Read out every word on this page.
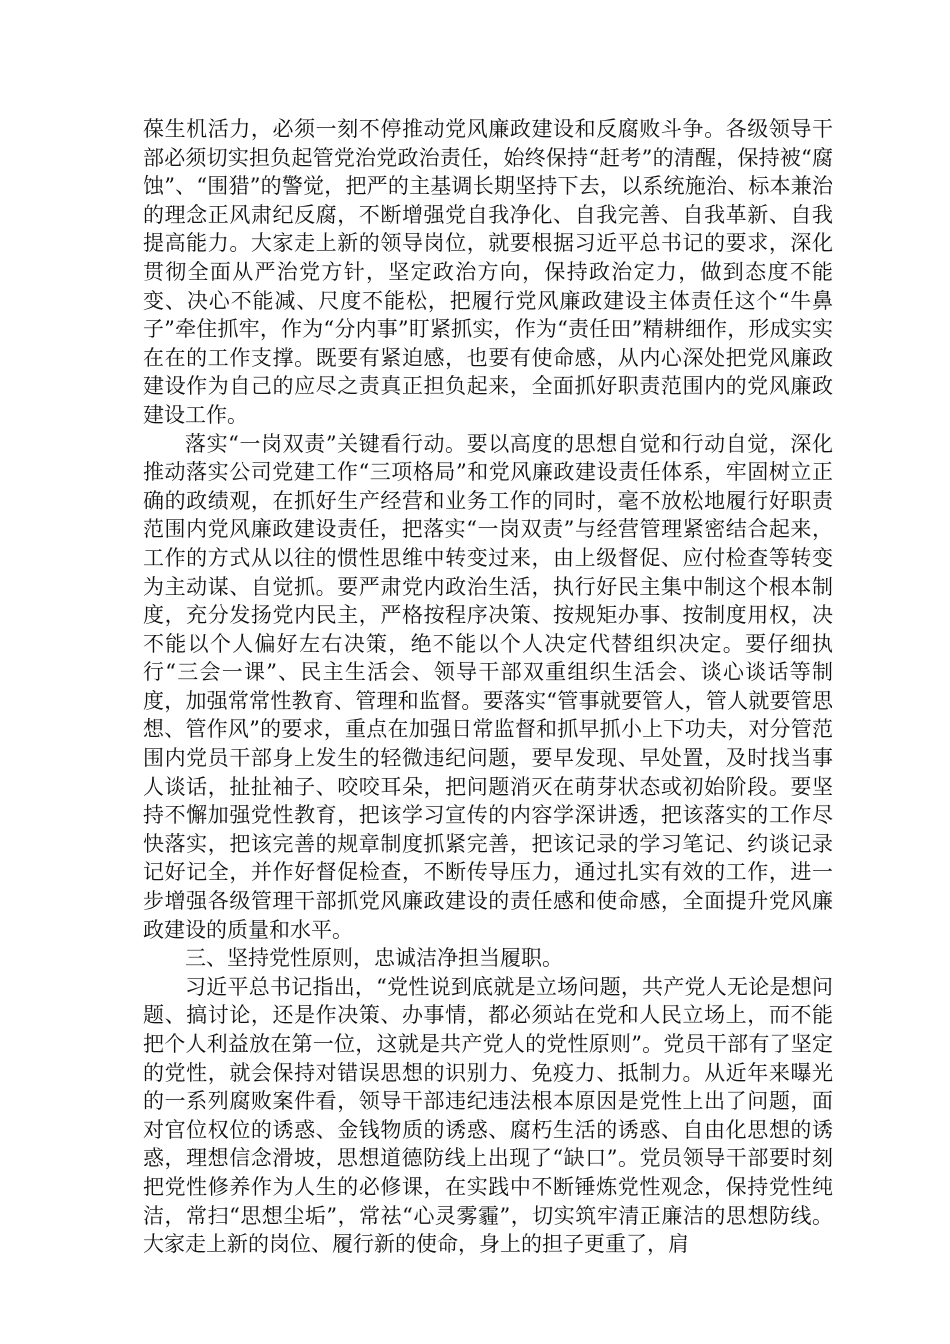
葆生机活力，必须一刻不停推动党风廉政建设和反腐败斗争。各级领导干部必须切实担负起管党治党政治责任，始终保持“赶考”的清醒，保持被“腐蚀”、“围猎”的警觉，把严的主基调长期坚持下去，以系统施治、标本兼治的理念正风肃纪反腐，不断增强党自我净化、自我完善、自我革新、自我提高能力。大家走上新的领导岗位，就要根据习近平总书记的要求，深化贯彻全面从严治党方针，坚定政治方向，保持政治定力，做到态度不能变、决心不能减、尺度不能松，把履行党风廉政建设主体责任这个“牛鼻子”牵住抓牢，作为“分内事”盯紧抓实，作为“责任田”精耕细作，形成实实在在的工作支撑。既要有紧迫感，也要有使命感，从内心深处把党风廉政建设作为自己的应尽之责真正担负起来，全面抓好职责范围内的党风廉政建设工作。

落实“一岗双责”关键看行动。要以高度的思想自觉和行动自觉，深化推动落实公司党建工作“三项格局”和党风廉政建设责任体系，牢固树立正确的政绩观，在抓好生产经营和业务工作的同时，毫不放松地履行好职责范围内党风廉政建设责任，把落实“一岗双责”与经营管理紧密结合起来，工作的方式从以往的惯性思维中转变过来，由上级督促、应付检查等转变为主动谋、自觉抓。要严肃党内政治生活，执行好民主集中制这个根本制度，充分发扬党内民主，严格按程序决策、按规矩办事、按制度用权，决不能以个人偏好左右决策，绝不能以个人决定代替组织决定。要仔细执行“三会一课”、民主生活会、领导干部双重组织生活会、谈心谈话等制度，加强常常性教育、管理和监督。要落实“管事就要管人，管人就要管思想、管作风”的要求，重点在加强日常监督和抓早抓小上下功夫，对分管范围内党员干部身上发生的轻微违纪问题，要早发现、早处置，及时找当事人谈话，扯扯袖子、咬咬耳朵，把问题消灭在萌芽状态或初始阶段。要坚持不懈加强党性教育，把该学习宣传的内容学深讲透，把该落实的工作尽快落实，把该完善的规章制度抓紧完善，把该记录的学习笔记、约谈记录记好记全，并作好督促检查，不断传导压力，通过扎实有效的工作，进一步增强各级管理干部抓党风廉政建设的责任感和使命感，全面提升党风廉政建设的质量和水平。

三、坚持党性原则，忠诚洁净担当履职。

习近平总书记指出，“党性说到底就是立场问题，共产党人无论是想问题、搞讨论，还是作决策、办事情，都必须站在党和人民立场上，而不能把个人利益放在第一位，这就是共产党人的党性原则”。党员干部有了坚定的党性，就会保持对错误思想的识别力、免疫力、抵制力。从近年来曝光的一系列腐败案件看，领导干部违纪违法根本原因是党性上出了问题，面对官位权位的诱惑、金钱物质的诱惑、腐朽生活的诱惑、自由化思想的诱惑，理想信念滑坡，思想道德防线上出现了“缺口”。党员领导干部要时刻把党性修养作为人生的必修课，在实践中不断锤炼党性观念，保持党性纯洁，常扫“思想尘垢”，常祛“心灵雾霾”，切实筑牢清正廉洁的思想防线。大家走上新的岗位、履行新的使命，身上的担子更重了，肩
